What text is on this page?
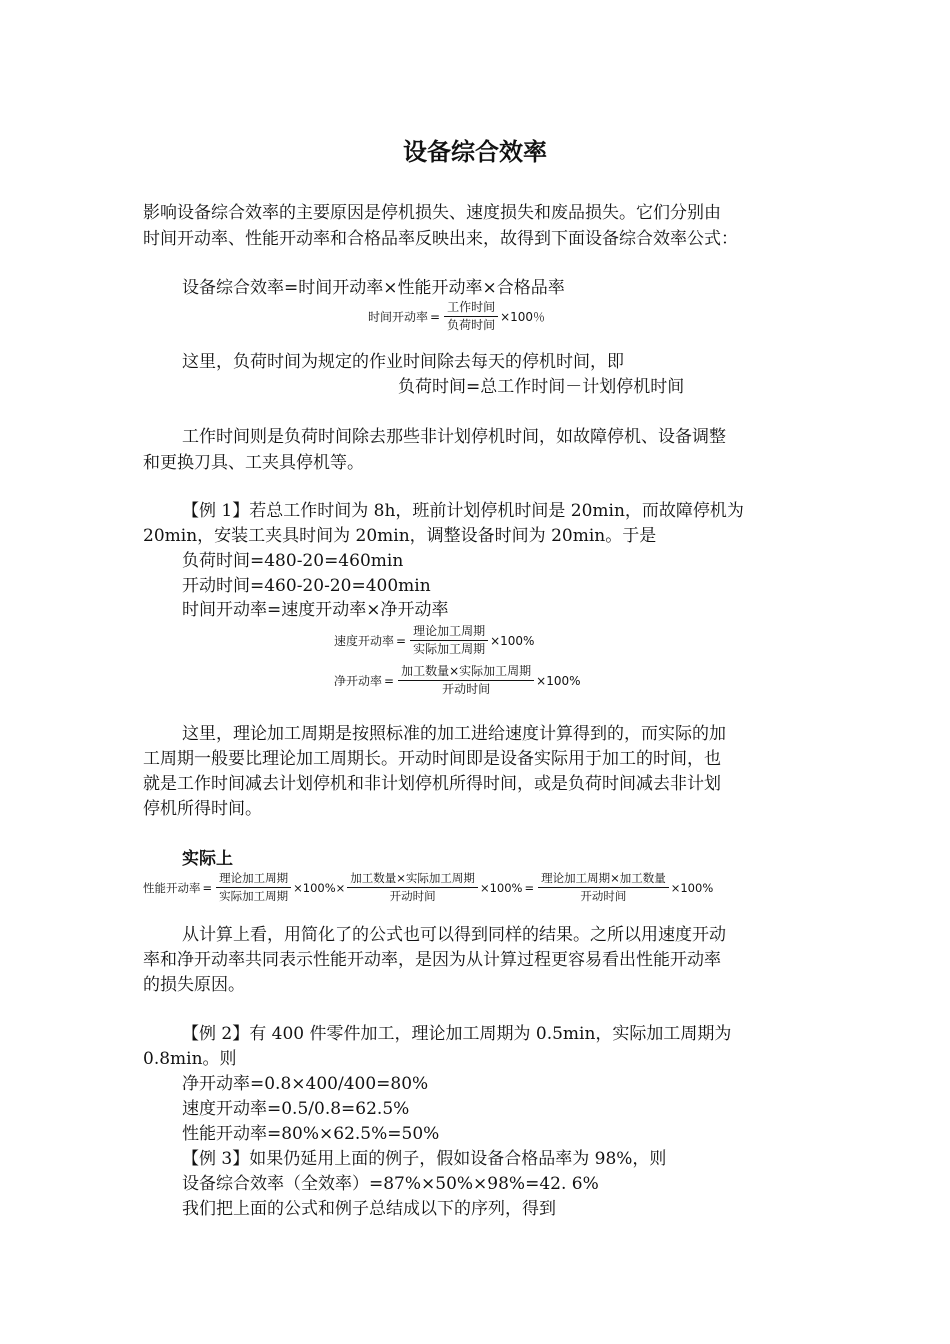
设备综合效率
影响设备综合效率的主要原因是停机损失、速度损失和废品损失。它们分别由
时间开动率、性能开动率和合格品率反映出来，故得到下面设备综合效率公式：
设备综合效率=时间开动率×性能开动率×合格品率
时间开动率 = $\frac{\text{工作时间}}{\text{负荷时间}} \times 100$％
这里，负荷时间为规定的作业时间除去每天的停机时间，即
负荷时间=总工作时间－计划停机时间
工作时间则是负荷时间除去那些非计划停机时间，如故障停机、设备调整
和更换刀具、工夹具停机等。
【例 1】若总工作时间为 8h，班前计划停机时间是 20min，而故障停机为
20min，安装工夹具时间为 20min，调整设备时间为 20min。于是
负荷时间=480-20=460min
开动时间=460-20-20=400min
时间开动率=速度开动率×净开动率
速度开动率 = $\frac{\text{理论加工周期}}{\text{实际加工周期}} \times 100\%$
净开动率 = $\frac{\text{加工数量×实际加工周期}}{\text{开动时间}} \times 100\%$
这里，理论加工周期是按照标准的加工进给速度计算得到的，而实际的加
工周期一般要比理论加工周期长。开动时间即是设备实际用于加工的时间，也
就是工作时间减去计划停机和非计划停机所得时间，或是负荷时间减去非计划
停机所得时间。
实际上
性能开动率 = $\frac{\text{理论加工周期}}{\text{实际加工周期}} \times 100\%\times \frac{\text{加工数量×实际加工周期}}{\text{开动时间}} \times 100\% = \frac{\text{理论加工周期×加工数量}}{\text{开动时间}} \times 100\%$
从计算上看，用简化了的公式也可以得到同样的结果。之所以用速度开动
率和净开动率共同表示性能开动率，是因为从计算过程更容易看出性能开动率
的损失原因。
【例 2】有 400 件零件加工，理论加工周期为 0.5min，实际加工周期为
0.8min。则
净开动率=0.8×400/400=80%
速度开动率=0.5/0.8=62.5%
性能开动率=80%×62.5%=50%
【例 3】如果仍延用上面的例子，假如设备合格品率为 98%，则
设备综合效率（全效率）=87%×50%×98%=42. 6%
我们把上面的公式和例子总结成以下的序列，得到
